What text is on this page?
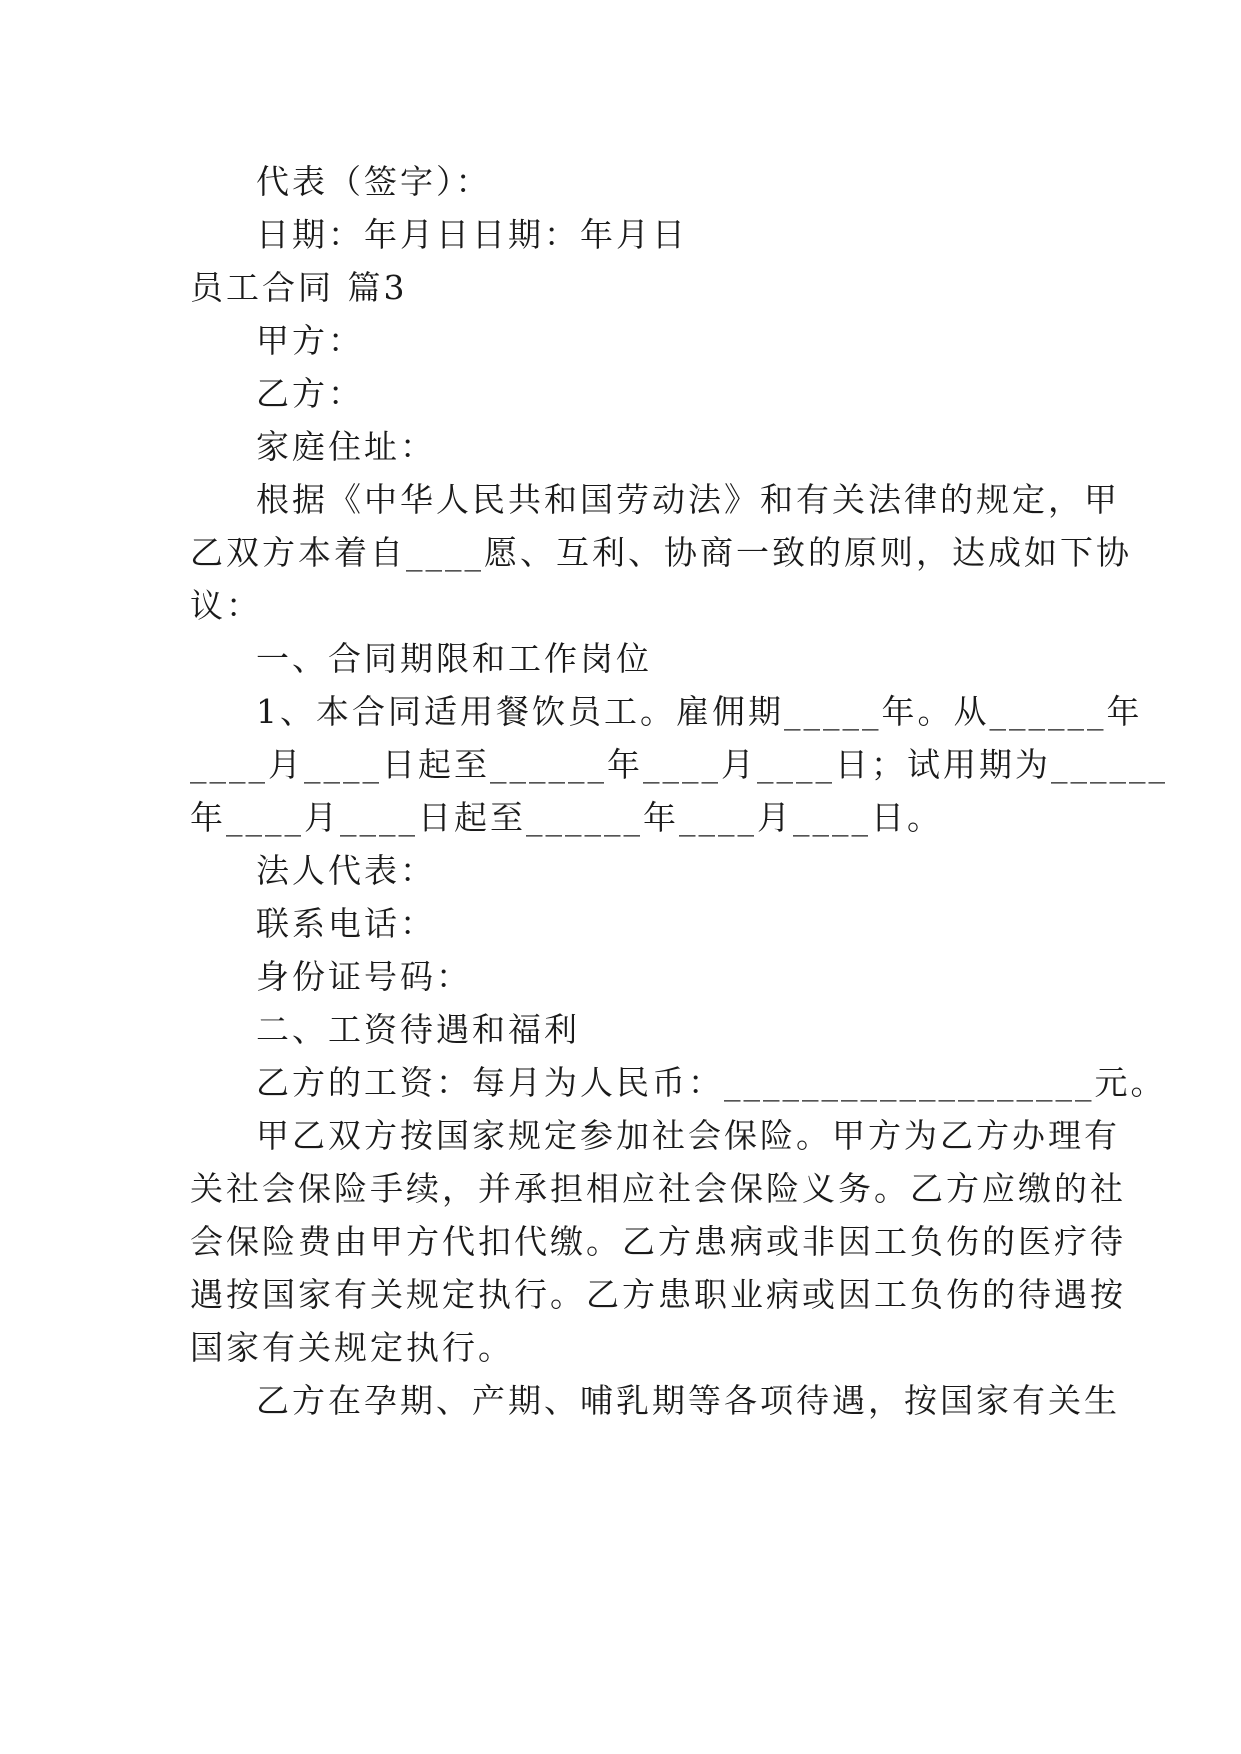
代表（签字）：

日期：年月日日期：年月日

员工合同 篇3

甲方：

乙方：

家庭住址：

根据《中华人民共和国劳动法》和有关法律的规定，甲

乙双方本着自____愿、互利、协商一致的原则，达成如下协

议：

一、合同期限和工作岗位

1、本合同适用餐饮员工。雇佣期_____年。从______年

____月____日起至______年____月____日；试用期为______

年____月____日起至______年____月____日。

法人代表：

联系电话：

身份证号码：

二、工资待遇和福利

乙方的工资：每月为人民币：___________________元。

甲乙双方按国家规定参加社会保险。甲方为乙方办理有

关社会保险手续，并承担相应社会保险义务。乙方应缴的社

会保险费由甲方代扣代缴。乙方患病或非因工负伤的医疗待

遇按国家有关规定执行。乙方患职业病或因工负伤的待遇按

国家有关规定执行。

乙方在孕期、产期、哺乳期等各项待遇，按国家有关生
